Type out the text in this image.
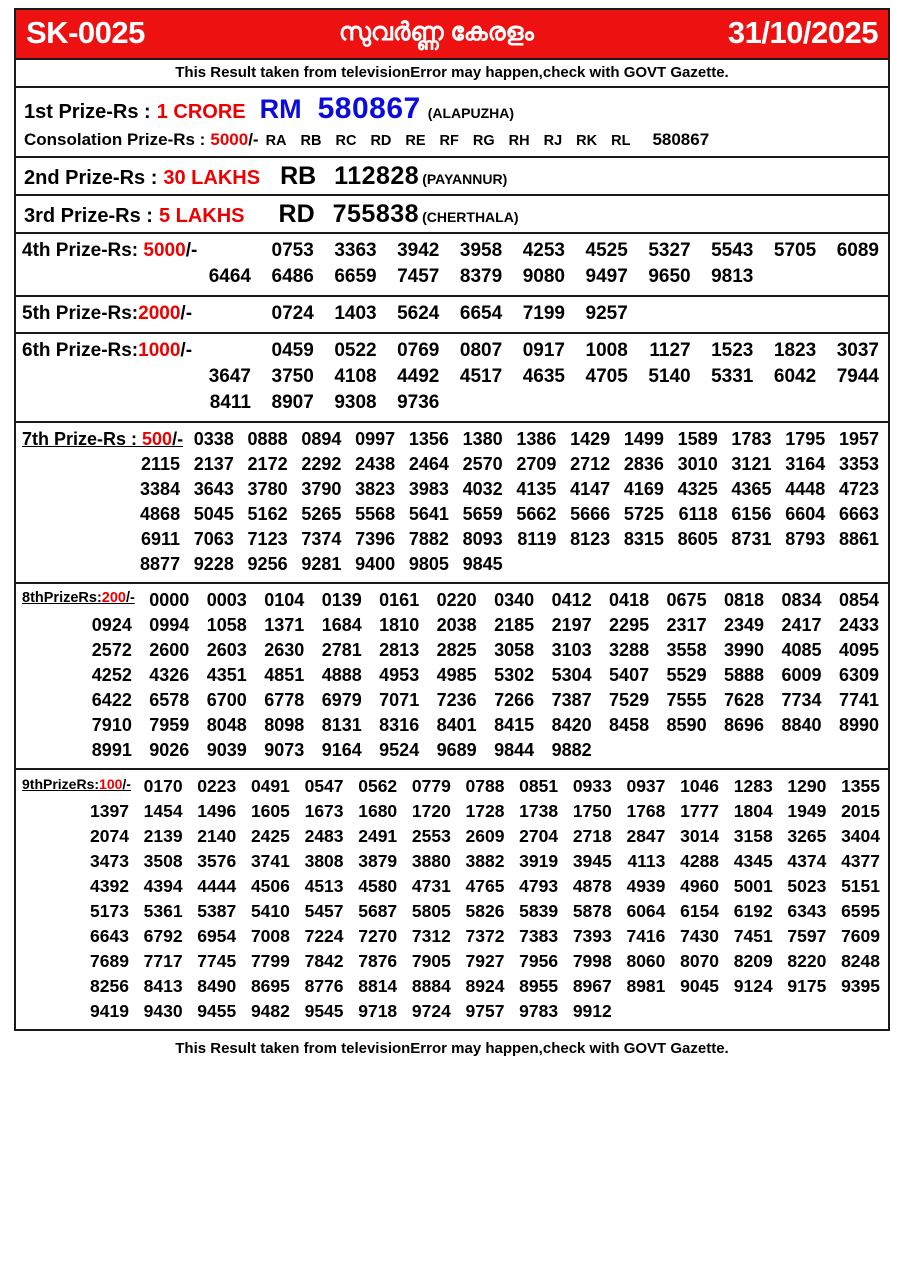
SK-0025	സുവർണ്ണ കേരളം	31/10/2025
This Result taken from televisionError may happen,check with GOVT Gazette.
1st Prize-Rs : 1 CRORE RM 580867 (ALAPUZHA)
Consolation Prize-Rs : 5000 /- RA RB RC RD RE RF RG RH RJ RK RL 580867
2nd Prize-Rs : 30 LAKHS RB 112828 (PAYANNUR)
3rd Prize-Rs : 5 LAKHS RD 755838 (CHERTHALA)
4th Prize-Rs: 5000/-	0753	3363	3942	3958	4253	4525	5327	5543	5705	6089
6464	6486	6659	7457	8379	9080	9497	9650	9813
5th Prize-Rs:2000/-	0724	1403	5624	6654	7199	9257
6th Prize-Rs:1000/-	0459	0522	0769	0807	0917	1008	1127	1523	1823	3037
3647	3750	4108	4492	4517	4635	4705	5140	5331	6042	7944
8411	8907	9308	9736
7th Prize-Rs : 500/- 0338 0888 0894 0997 1356 1380 1386 1429 1499 1589 1783 1795 1957
2115 2137 2172 2292 2438 2464 2570 2709 2712 2836 3010 3121 3164 3353
3384 3643 3780 3790 3823 3983 4032 4135 4147 4169 4325 4365 4448 4723
4868 5045 5162 5265 5568 5641 5659 5662 5666 5725 6118 6156 6604 6663
6911 7063 7123 7374 7396 7882 8093 8119 8123 8315 8605 8731 8793 8861
8877 9228 9256 9281 9400 9805 9845
8thPrizeRs:200/- 0000 0003 0104 0139 0161 0220 0340 0412 0418 0675 0818 0834 0854
0924 0994 1058 1371 1684 1810 2038 2185 2197 2295 2317 2349 2417 2433
2572 2600 2603 2630 2781 2813 2825 3058 3103 3288 3558 3990 4085 4095
4252 4326 4351 4851 4888 4953 4985 5302 5304 5407 5529 5888 6009 6309
6422 6578 6700 6778 6979 7071 7236 7266 7387 7529 7555 7628 7734 7741
7910 7959 8048 8098 8131 8316 8401 8415 8420 8458 8590 8696 8840 8990
8991 9026 9039 9073 9164 9524 9689 9844 9882
9thPrizeRs:100/- 0170 0223 0491 0547 0562 0779 0788 0851 0933 0937 1046 1283 1290 1355
1397 1454 1496 1605 1673 1680 1720 1728 1738 1750 1768 1777 1804 1949 2015
2074 2139 2140 2425 2483 2491 2553 2609 2704 2718 2847 3014 3158 3265 3404
3473 3508 3576 3741 3808 3879 3880 3882 3919 3945 4113 4288 4345 4374 4377
4392 4394 4444 4506 4513 4580 4731 4765 4793 4878 4939 4960 5001 5023 5151
5173 5361 5387 5410 5457 5687 5805 5826 5839 5878 6064 6154 6192 6343 6595
6643 6792 6954 7008 7224 7270 7312 7372 7383 7393 7416 7430 7451 7597 7609
7689 7717 7745 7799 7842 7876 7905 7927 7956 7998 8060 8070 8209 8220 8248
8256 8413 8490 8695 8776 8814 8884 8924 8955 8967 8981 9045 9124 9175 9395
9419 9430 9455 9482 9545 9718 9724 9757 9783 9912
This Result taken from televisionError may happen,check with GOVT Gazette.
